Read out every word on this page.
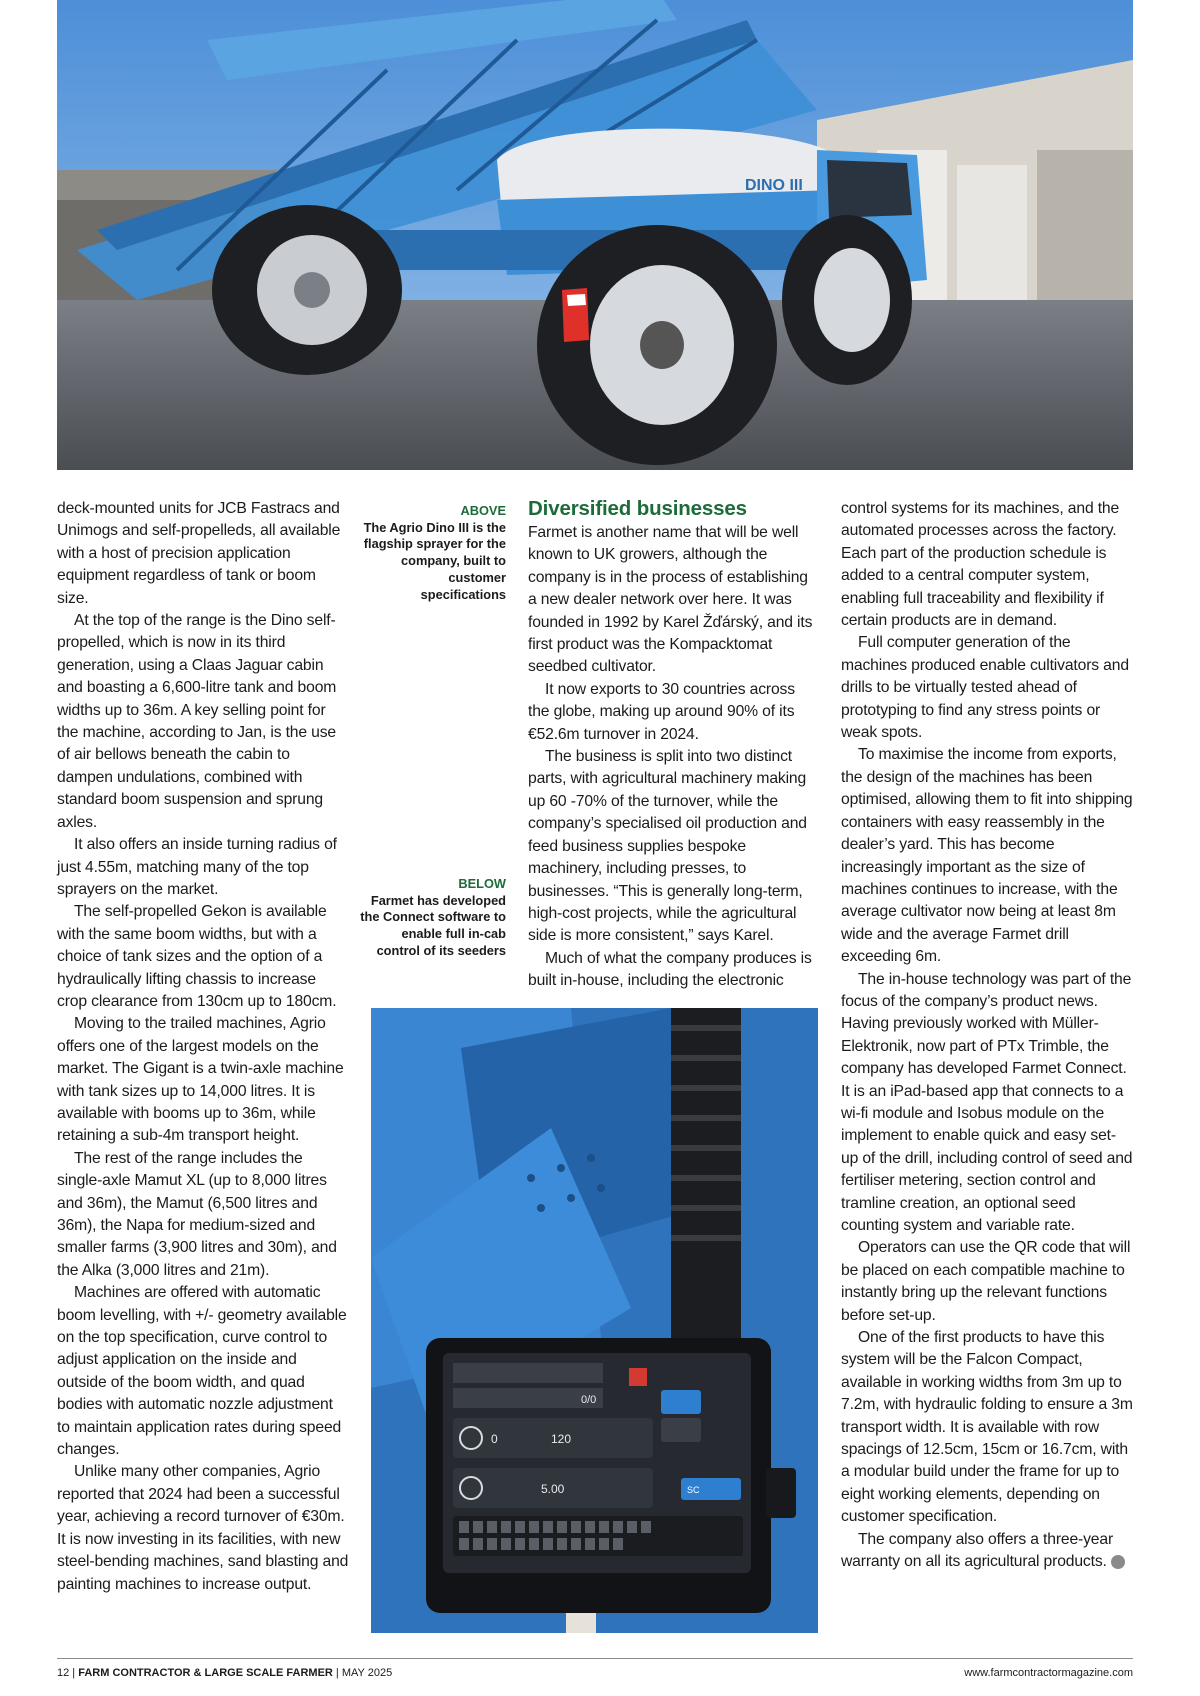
DINO III

deck-mounted units for JCB Fastracs and Unimogs and self-propelleds, all available with a host of precision application equipment regardless of tank or boom size.

At the top of the range is the Dino self-propelled, which is now in its third generation, using a Claas Jaguar cabin and boasting a 6,600-litre tank and boom widths up to 36m. A key selling point for the machine, according to Jan, is the use of air bellows beneath the cabin to dampen undulations, combined with standard boom suspension and sprung axles.

It also offers an inside turning radius of just 4.55m, matching many of the top sprayers on the market.

The self-propelled Gekon is available with the same boom widths, but with a choice of tank sizes and the option of a hydraulically lifting chassis to increase crop clearance from 130cm up to 180cm.

Moving to the trailed machines, Agrio offers one of the largest models on the market. The Gigant is a twin-axle machine with tank sizes up to 14,000 litres. It is available with booms up to 36m, while retaining a sub-4m transport height.

The rest of the range includes the single-axle Mamut XL (up to 8,000 litres and 36m), the Mamut (6,500 litres and 36m), the Napa for medium-sized and smaller farms (3,900 litres and 30m), and the Alka (3,000 litres and 21m).

Machines are offered with automatic boom levelling, with +/- geometry available on the top specification, curve control to adjust application on the inside and outside of the boom width, and quad bodies with automatic nozzle adjustment to maintain application rates during speed changes.

Unlike many other companies, Agrio reported that 2024 had been a successful year, achieving a record turnover of €30m. It is now investing in its facilities, with new steel-bending machines, sand blasting and painting machines to increase output.

ABOVE
The Agrio Dino III is the flagship sprayer for the company, built to customer specifications
BELOW
Farmet has developed the Connect software to enable full in-cab control of its seeders
Diversified businesses

Farmet is another name that will be well known to UK growers, although the company is in the process of establishing a new dealer network over here. It was founded in 1992 by Karel Žďárský, and its first product was the Kompacktomat seedbed cultivator.

It now exports to 30 countries across the globe, making up around 90% of its €52.6m turnover in 2024.

The business is split into two distinct parts, with agricultural machinery making up 60 -70% of the turnover, while the company’s specialised oil production and feed business supplies bespoke machinery, including presses, to businesses. “This is generally long-term, high-cost projects, while the agricultural side is more consistent,” says Karel.

Much of what the company produces is built in-house, including the electronic

0	120
5.00
0/0
SC

control systems for its machines, and the automated processes across the factory. Each part of the production schedule is added to a central computer system, enabling full traceability and flexibility if certain products are in demand.

Full computer generation of the machines produced enable cultivators and drills to be virtually tested ahead of prototyping to find any stress points or weak spots.

To maximise the income from exports, the design of the machines has been optimised, allowing them to fit into shipping containers with easy reassembly in the dealer’s yard. This has become increasingly important as the size of machines continues to increase, with the average cultivator now being at least 8m wide and the average Farmet drill exceeding 6m.

The in-house technology was part of the focus of the company’s product news. Having previously worked with Müller-Elektronik, now part of PTx Trimble, the company has developed Farmet Connect. It is an iPad-based app that connects to a wi-fi module and Isobus module on the implement to enable quick and easy set-up of the drill, including control of seed and fertiliser metering, section control and tramline creation, an optional seed counting system and variable rate.

Operators can use the QR code that will be placed on each compatible machine to instantly bring up the relevant functions before set-up.

One of the first products to have this system will be the Falcon Compact, available in working widths from 3m up to 7.2m, with hydraulic folding to ensure a 3m transport width. It is available with row spacings of 12.5cm, 15cm or 16.7cm, with a modular build under the frame for up to eight working elements, depending on customer specification.

The company also offers a three-year warranty on all its agricultural products.	FC

12 | FARM CONTRACTOR & LARGE SCALE FARMER | MAY 2025	www.farmcontractormagazine.com
